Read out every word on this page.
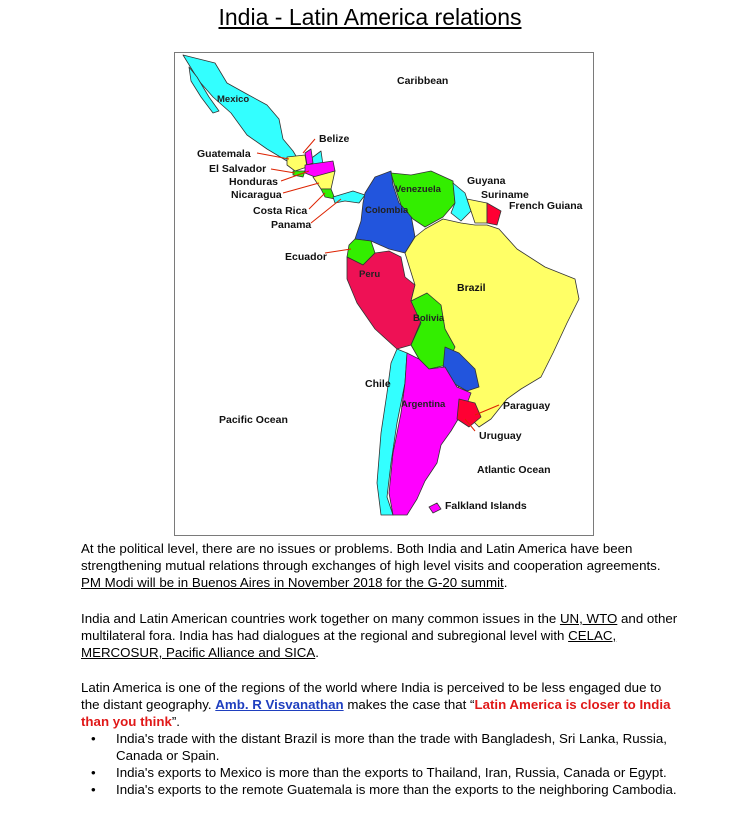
India - Latin America relations
Caribbean
Mexico
Belize
Guatemala
El Salvador
Honduras
Nicaragua
Costa Rica
Panama
Venezuela
Guyana
Suriname
French Guiana
Colombia
Ecuador
Peru
Brazil
Bolivia
Chile
Paraguay
Argentina
Uruguay
Pacific Ocean
Atlantic Ocean
Falkland Islands

At the political level, there are no issues or problems. Both India and Latin America have been strengthening mutual relations through exchanges of high level visits and cooperation agreements. PM Modi will be in Buenos Aires in November 2018 for the G-20 summit.

India and Latin American countries work together on many common issues in the UN, WTO and other multilateral fora. India has had dialogues at the regional and subregional level with CELAC, MERCOSUR, Pacific Alliance and SICA.

Latin America is one of the regions of the world where India is perceived to be less engaged due to the distant geography. Amb. R Visvanathan makes the case that “Latin America is closer to India than you think”.

• India's trade with the distant Brazil is more than the trade with Bangladesh, Sri Lanka, Russia, Canada or Spain.
• India's exports to Mexico is more than the exports to Thailand, Iran, Russia, Canada or Egypt.
• India's exports to the remote Guatemala is more than the exports to the neighboring Cambodia.
